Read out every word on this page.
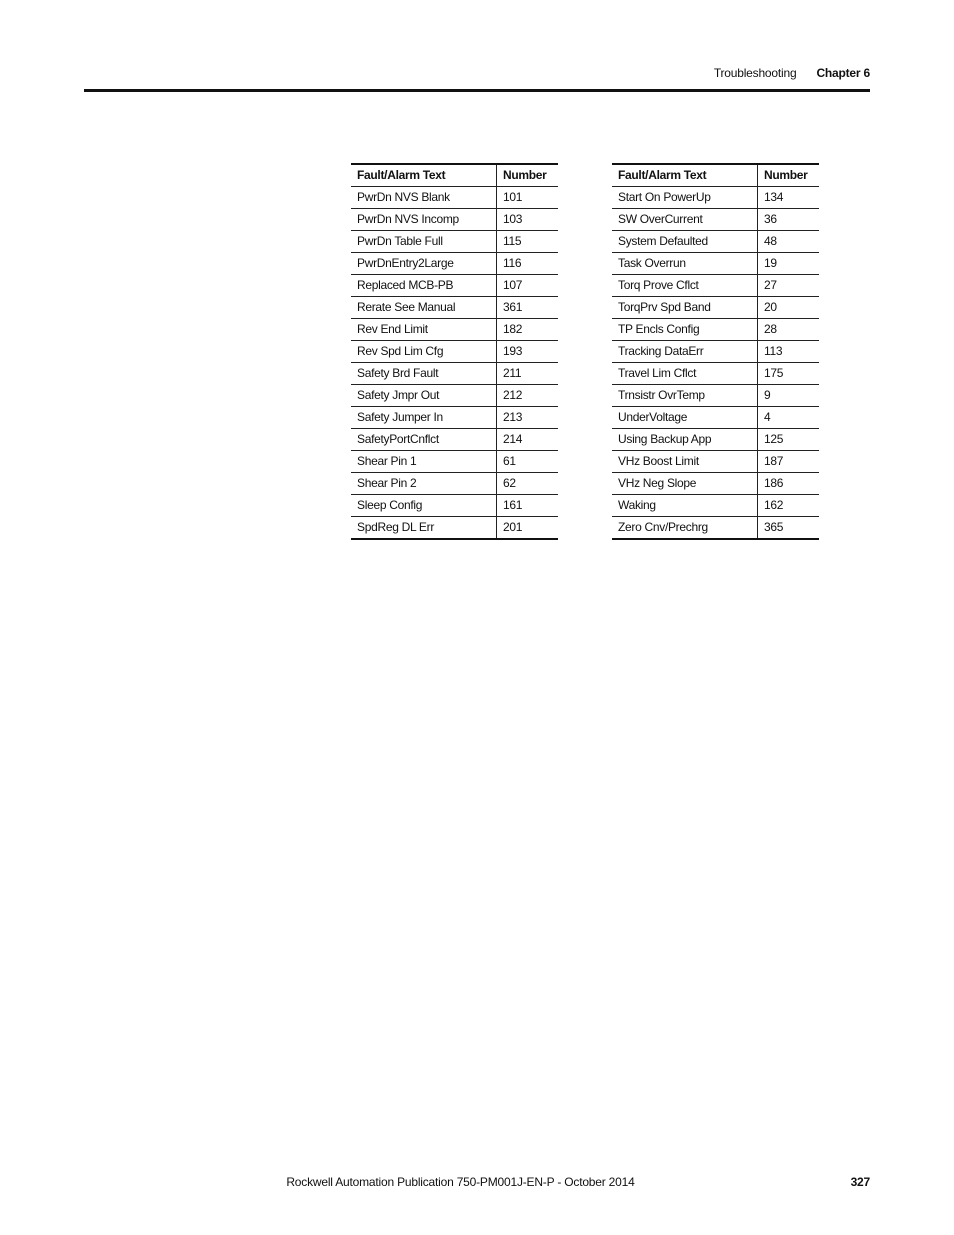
Troubleshooting Chapter 6
Fault/Alarm Text	Number
PwrDn NVS Blank	101
PwrDn NVS Incomp	103
PwrDn Table Full	115
PwrDnEntry2Large	116
Replaced MCB-PB	107
Rerate See Manual	361
Rev End Limit	182
Rev Spd Lim Cfg	193
Safety Brd Fault	211
Safety Jmpr Out	212
Safety Jumper In	213
SafetyPortCnflct	214
Shear Pin 1	61
Shear Pin 2	62
Sleep Config	161
SpdReg DL Err	201
Fault/Alarm Text	Number
Start On PowerUp	134
SW OverCurrent	36
System Defaulted	48
Task Overrun	19
Torq Prove Cflct	27
TorqPrv Spd Band	20
TP Encls Config	28
Tracking DataErr	113
Travel Lim Cflct	175
Trnsistr OvrTemp	9
UnderVoltage	4
Using Backup App	125
VHz Boost Limit	187
VHz Neg Slope	186
Waking	162
Zero Cnv/Prechrg	365
Rockwell Automation Publication 750-PM001J-EN-P - October 2014	327
